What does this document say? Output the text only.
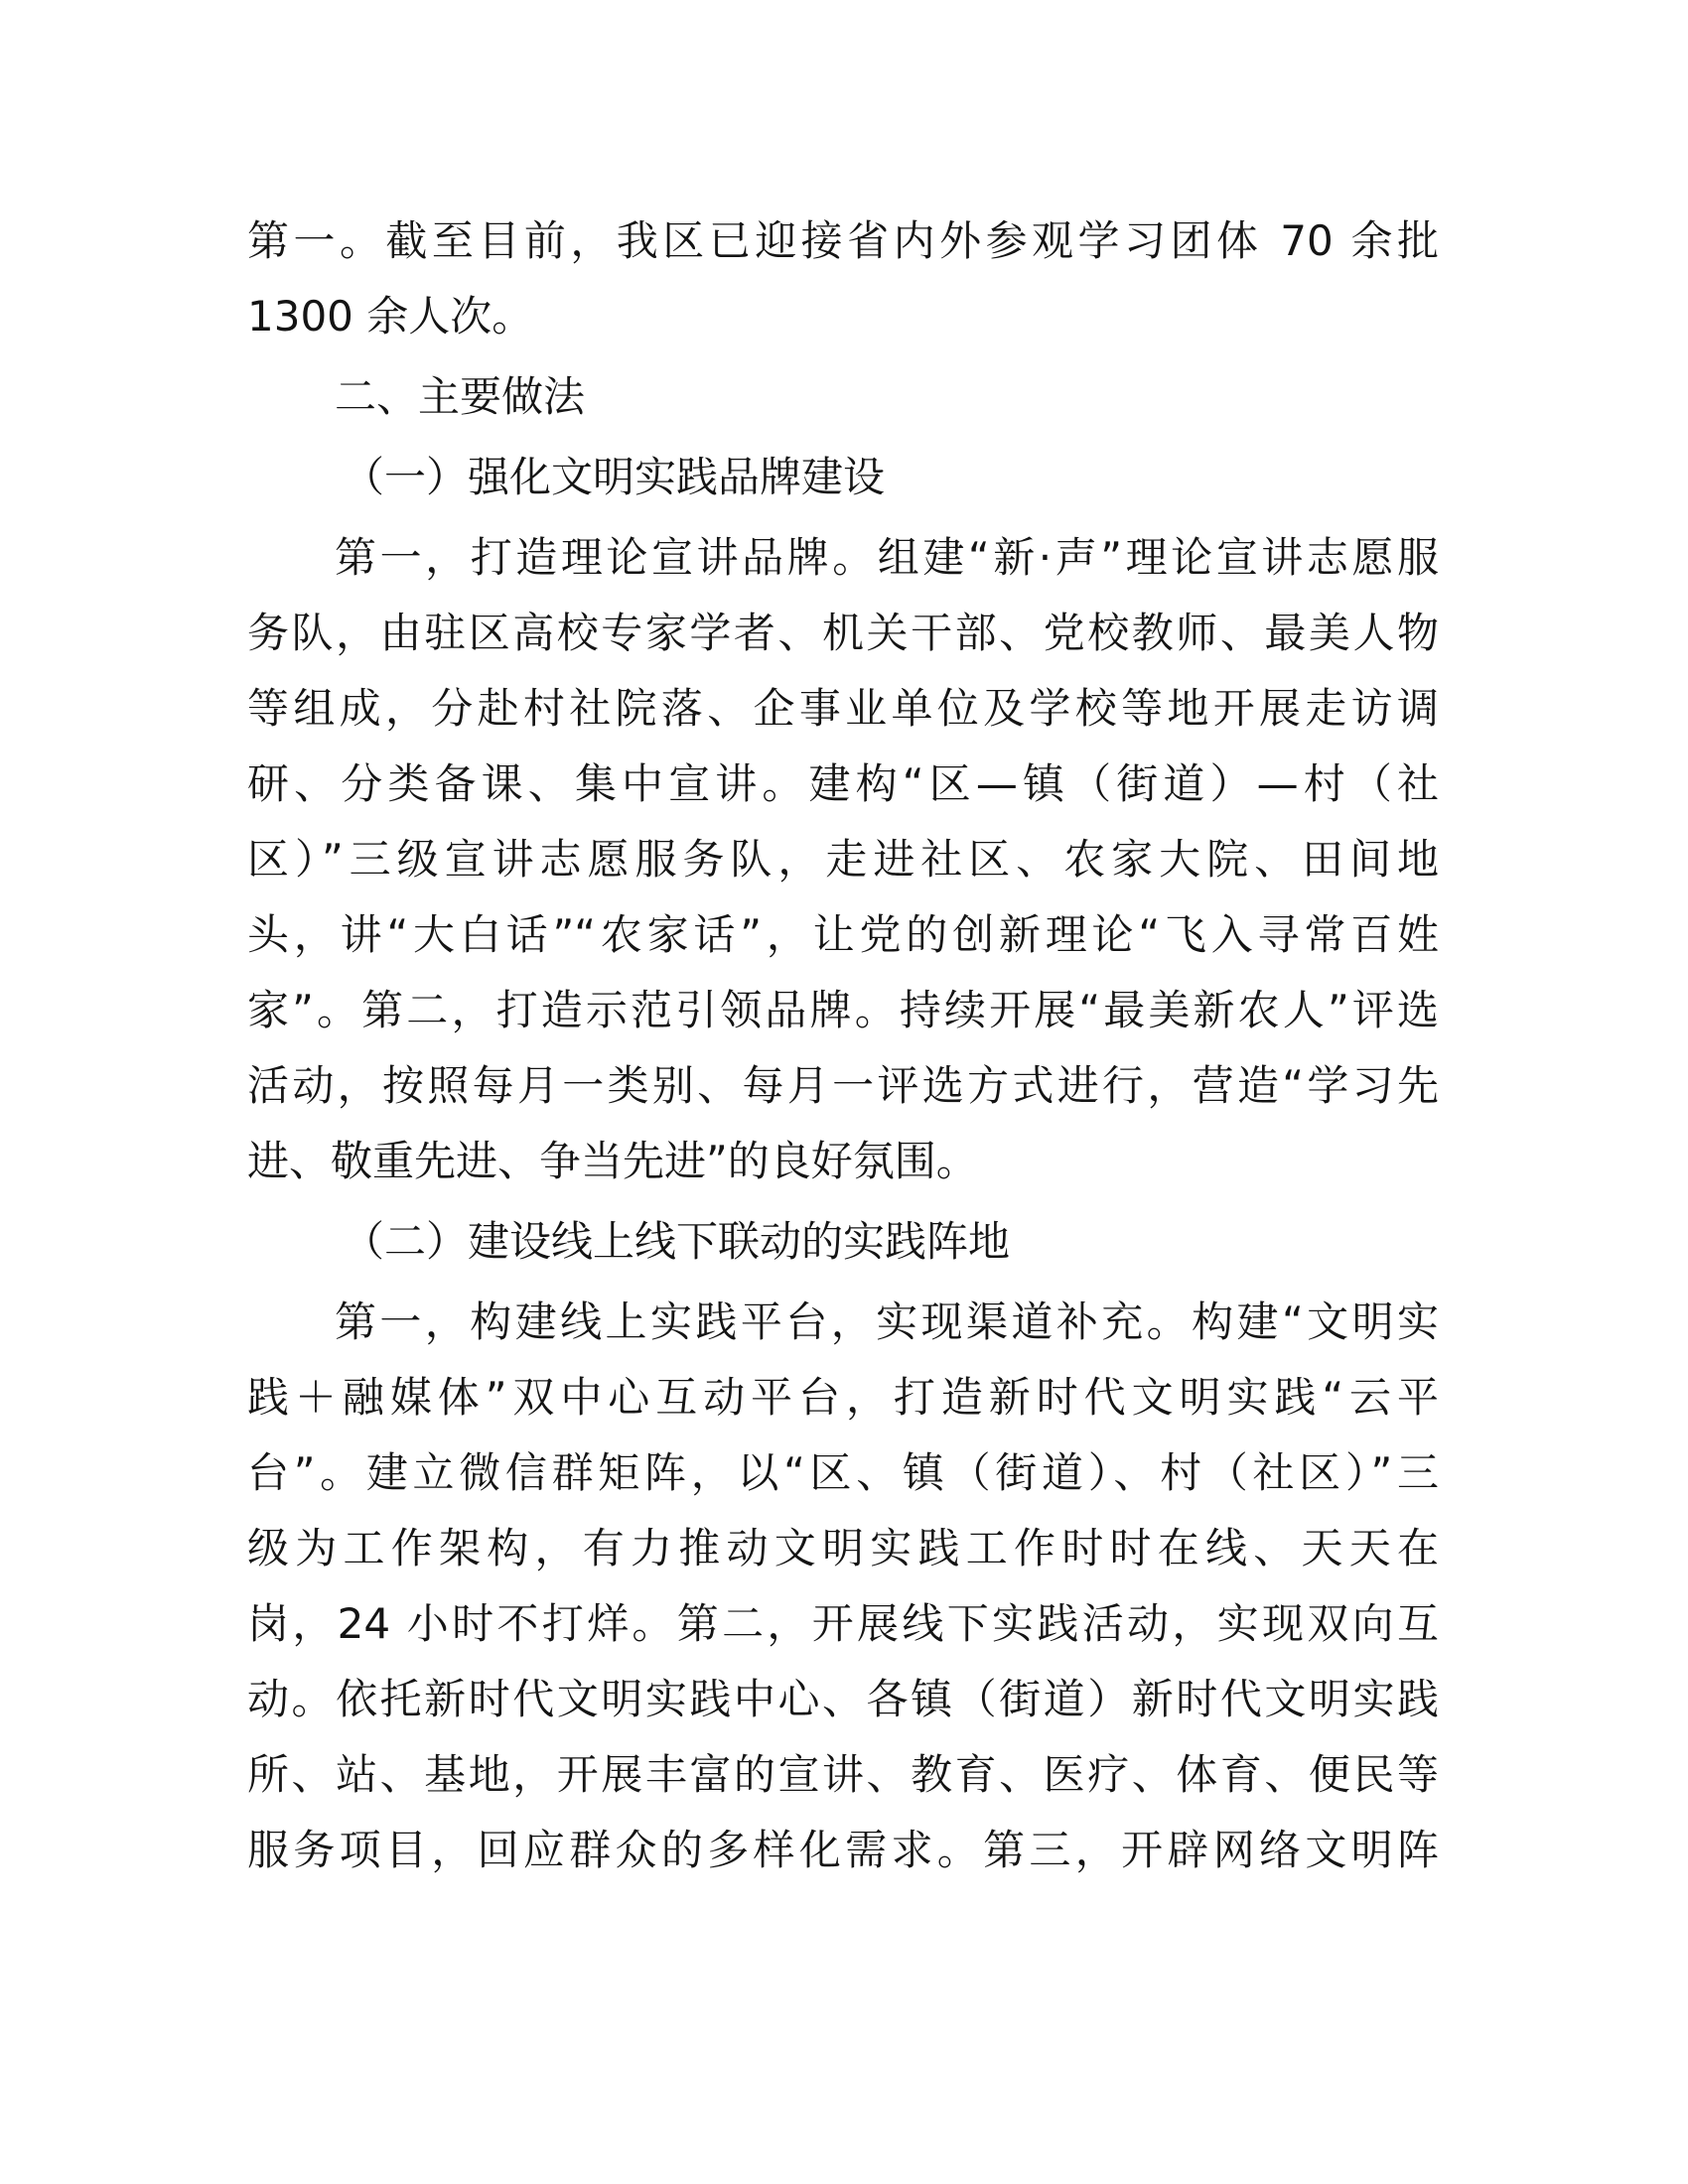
第一。截至目前，我区已迎接省内外参观学习团体 70 余批
1300 余人次。
二、主要做法
（一）强化文明实践品牌建设
第一，打造理论宣讲品牌。组建“新·声”理论宣讲志愿服
务队，由驻区高校专家学者、机关干部、党校教师、最美人物
等组成，分赴村社院落、企事业单位及学校等地开展走访调
研、分类备课、集中宣讲。建构“区—镇（街道）—村（社
区）”三级宣讲志愿服务队，走进社区、农家大院、田间地
头，讲“大白话”“农家话”，让党的创新理论“飞入寻常百姓
家”。第二，打造示范引领品牌。持续开展“最美新农人”评选
活动，按照每月一类别、每月一评选方式进行，营造“学习先
进、敬重先进、争当先进”的良好氛围。
（二）建设线上线下联动的实践阵地
第一，构建线上实践平台，实现渠道补充。构建“文明实
践＋融媒体”双中心互动平台，打造新时代文明实践“云平
台”。建立微信群矩阵，以“区、镇（街道）、村（社区）”三
级为工作架构，有力推动文明实践工作时时在线、天天在
岗，24 小时不打烊。第二，开展线下实践活动，实现双向互
动。依托新时代文明实践中心、各镇（街道）新时代文明实践
所、站、基地，开展丰富的宣讲、教育、医疗、体育、便民等
服务项目，回应群众的多样化需求。第三，开辟网络文明阵
